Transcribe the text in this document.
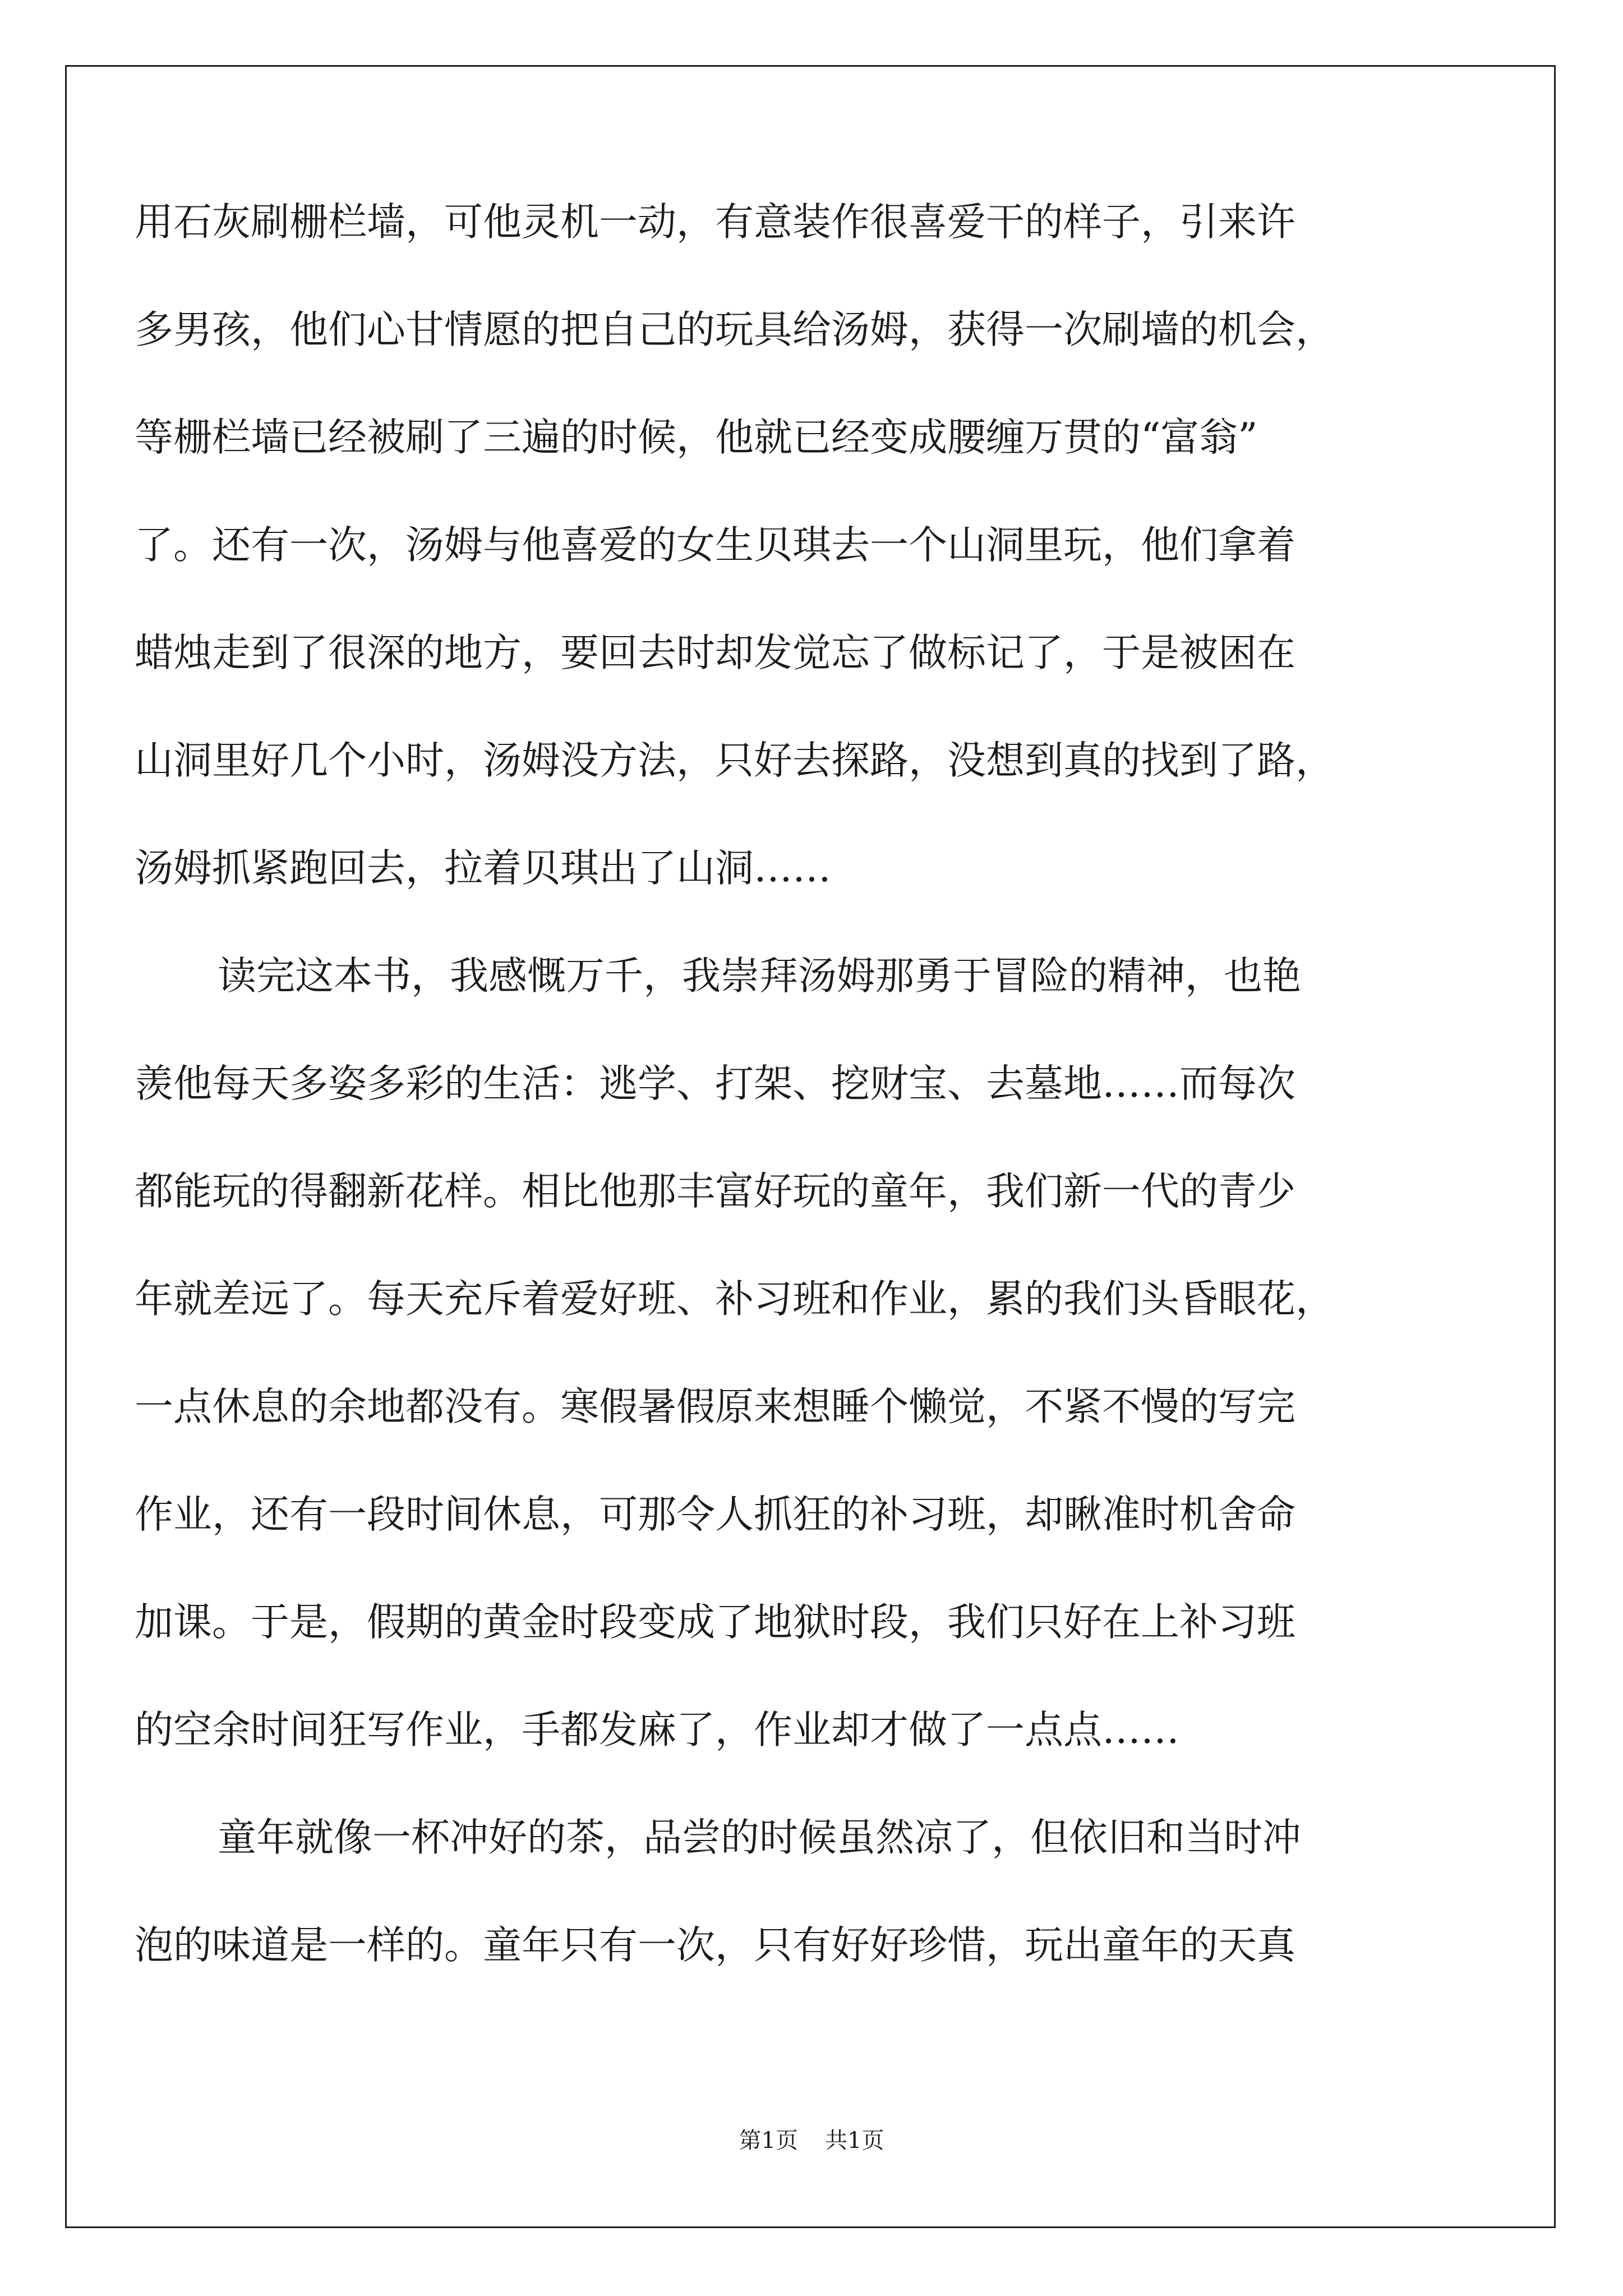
用石灰刷栅栏墙，可他灵机一动，有意装作很喜爱干的样子，引来许
多男孩，他们心甘情愿的把自己的玩具给汤姆，获得一次刷墙的机会，
等栅栏墙已经被刷了三遍的时候，他就已经变成腰缠万贯的“富翁”
了。还有一次，汤姆与他喜爱的女生贝琪去一个山洞里玩，他们拿着
蜡烛走到了很深的地方，要回去时却发觉忘了做标记了，于是被困在
山洞里好几个小时，汤姆没方法，只好去探路，没想到真的找到了路，
汤姆抓紧跑回去，拉着贝琪出了山洞……
读完这本书，我感慨万千，我崇拜汤姆那勇于冒险的精神，也艳
羡他每天多姿多彩的生活：逃学、打架、挖财宝、去墓地……而每次
都能玩的得翻新花样。相比他那丰富好玩的童年，我们新一代的青少
年就差远了。每天充斥着爱好班、补习班和作业，累的我们头昏眼花，
一点休息的余地都没有。寒假暑假原来想睡个懒觉，不紧不慢的写完
作业，还有一段时间休息，可那令人抓狂的补习班，却瞅准时机舍命
加课。于是，假期的黄金时段变成了地狱时段，我们只好在上补习班
的空余时间狂写作业，手都发麻了，作业却才做了一点点……
童年就像一杯冲好的茶，品尝的时候虽然凉了，但依旧和当时冲
泡的味道是一样的。童年只有一次，只有好好珍惜，玩出童年的天真
第1页 共1页
